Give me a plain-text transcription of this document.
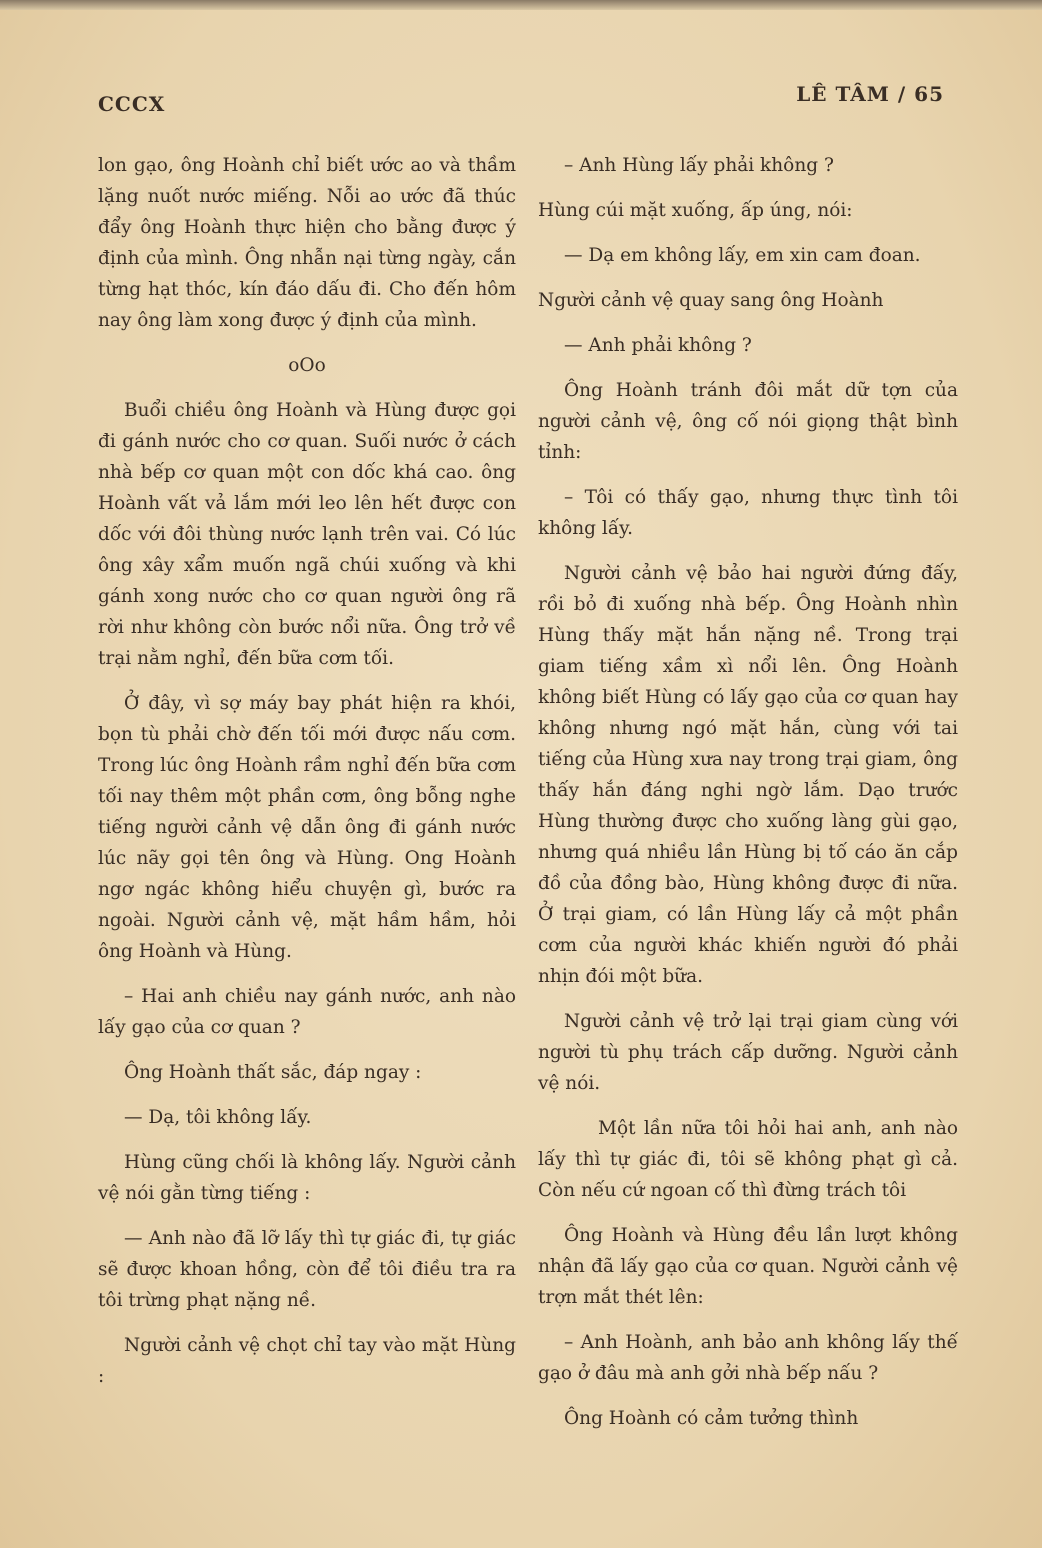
CCCX	LÊ TÂM / 65

lon gạo, ông Hoành chỉ biết ước ao và thầm lặng nuốt nước miếng. Nỗi ao ước đã thúc đẩy ông Hoành thực hiện cho bằng được ý định của mình. Ông nhẫn nại từng ngày, cắn từng hạt thóc, kín đáo dấu đi. Cho đến hôm nay ông làm xong được ý định của mình.

oOo

Buổi chiều ông Hoành và Hùng được gọi đi gánh nước cho cơ quan. Suối nước ở cách nhà bếp cơ quan một con dốc khá cao. ông Hoành vất vả lắm mới leo lên hết được con dốc với đôi thùng nước lạnh trên vai. Có lúc ông xây xẩm muốn ngã chúi xuống và khi gánh xong nước cho cơ quan người ông rã rời như không còn bước nổi nữa. Ông trở về trại nằm nghỉ, đến bữa cơm tối.

Ở đây, vì sợ máy bay phát hiện ra khói, bọn tù phải chờ đến tối mới được nấu cơm. Trong lúc ông Hoành rầm nghỉ đến bữa cơm tối nay thêm một phần cơm, ông bỗng nghe tiếng người cảnh vệ dẫn ông đi gánh nước lúc nãy gọi tên ông và Hùng. Ong Hoành ngơ ngác không hiểu chuyện gì, bước ra ngoài. Người cảnh vệ, mặt hầm hầm, hỏi ông Hoành và Hùng.

– Hai anh chiều nay gánh nước, anh nào lấy gạo của cơ quan ?

Ông Hoành thất sắc, đáp ngay :

— Dạ, tôi không lấy.

Hùng cũng chối là không lấy. Người cảnh vệ nói gằn từng tiếng :

— Anh nào đã lỡ lấy thì tự giác đi, tự giác sẽ được khoan hồng, còn để tôi điều tra ra tôi trừng phạt nặng nề.

Người cảnh vệ chọt chỉ tay vào mặt Hùng :

– Anh Hùng lấy phải không ?

Hùng cúi mặt xuống, ấp úng, nói:

— Dạ em không lấy, em xin cam đoan.

Người cảnh vệ quay sang ông Hoành

— Anh phải không ?

Ông Hoành tránh đôi mắt dữ tợn của người cảnh vệ, ông cố nói giọng thật bình tỉnh:

– Tôi có thấy gạo, nhưng thực tình tôi không lấy.

Người cảnh vệ bảo hai người đứng đấy, rồi bỏ đi xuống nhà bếp. Ông Hoành nhìn Hùng thấy mặt hắn nặng nề. Trong trại giam tiếng xầm xì nổi lên. Ông Hoành không biết Hùng có lấy gạo của cơ quan hay không nhưng ngó mặt hắn, cùng với tai tiếng của Hùng xưa nay trong trại giam, ông thấy hắn đáng nghi ngờ lắm. Dạo trước Hùng thường được cho xuống làng gùi gạo, nhưng quá nhiều lần Hùng bị tố cáo ăn cắp đồ của đồng bào, Hùng không được đi nữa. Ở trại giam, có lần Hùng lấy cả một phần cơm của người khác khiến người đó phải nhịn đói một bữa.

Người cảnh vệ trở lại trại giam cùng với người tù phụ trách cấp dưỡng. Người cảnh vệ nói.

Một lần nữa tôi hỏi hai anh, anh nào lấy thì tự giác đi, tôi sẽ không phạt gì cả. Còn nếu cứ ngoan cố thì đừng trách tôi

Ông Hoành và Hùng đều lần lượt không nhận đã lấy gạo của cơ quan. Người cảnh vệ trợn mắt thét lên:

– Anh Hoành, anh bảo anh không lấy thế gạo ở đâu mà anh gởi nhà bếp nấu ?

Ông Hoành có cảm tưởng thình
